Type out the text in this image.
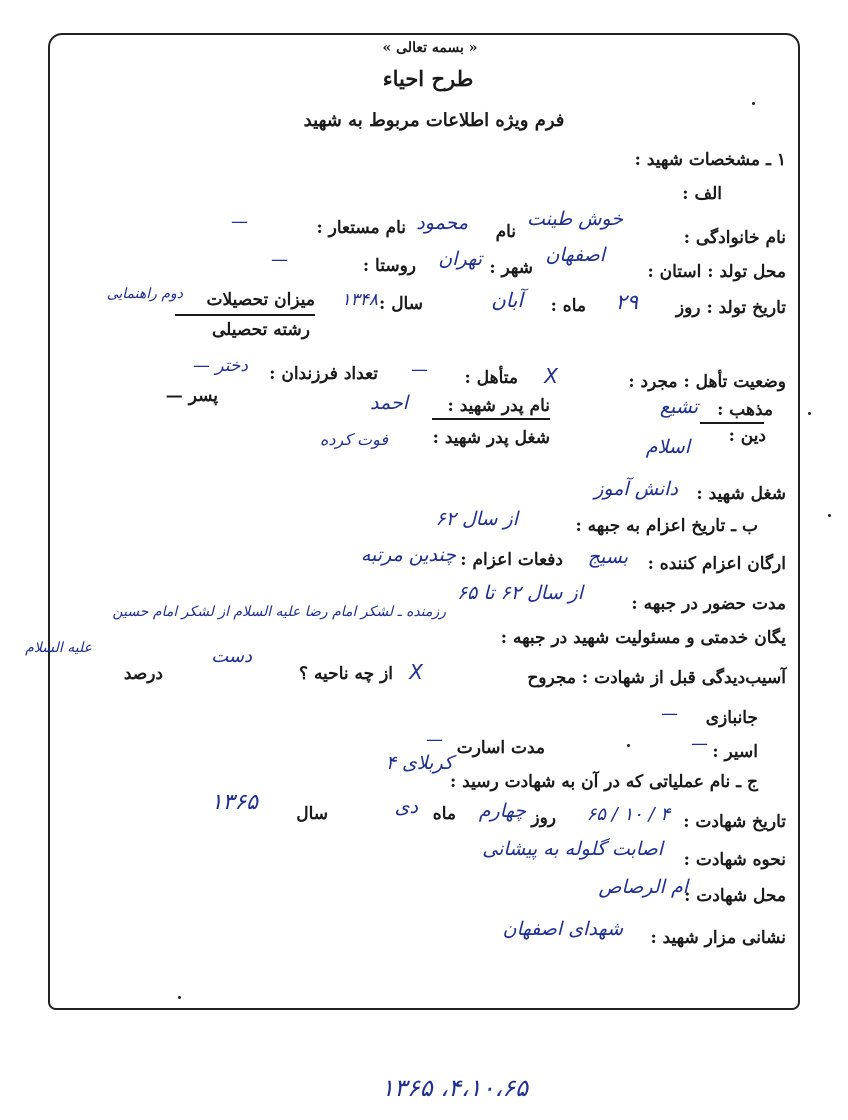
« بسمه تعالی »
طرح احیاء
فرم ویژه اطلاعات مربوط به شهید
۱ ـ مشخصات شهید :
الف :
نام خانوادگی :
خوش طینت
نام
محمود
نام مستعار :
—
محل تولد : استان :
اصفهان
شهر :
تهران
روستا :
—
تاریخ تولد : روز
۲۹
ماه :
آبان
سال :
۱۳۴۸
میزان تحصیلات
دوم راهنمایی
رشته تحصیلی
وضعیت تأهل : مجرد :
X
متأهل :
—
تعداد فرزندان :
دختر —
پسر —
مذهب :
تشیع
نام پدر شهید :
احمد
دین :
اسلام
شغل پدر شهید :
فوت کرده
شغل شهید :
دانش آموز
ب ـ تاریخ اعزام به جبهه :
از سال ۶۲
ارگان اعزام کننده :
بسیج
دفعات اعزام :
چندین مرتبه
مدت حضور در جبهه :
از سال ۶۲ تا ۶۵
یگان خدمتی و مسئولیت شهید در جبهه :
رزمنده ـ لشکر امام رضا علیه السلام از لشکر امام حسین
علیه السلام
آسیب‌دیدگی قبل از شهادت : مجروح
X
از چه ناحیه ؟
دست
درصد
جانبازی
—
اسیر :
—
مدت اسارت
—
ج ـ نام عملیاتی که در آن به شهادت رسید :
کربلای ۴
تاریخ شهادت :
۴ / ۱۰ / ۶۵
روز
چهارم
ماه
دی
سال
۱۳۶۵
نحوه شهادت :
اصابت گلوله به پیشانی
محل شهادت :
ام الرصاص
نشانی مزار شهید :
شهدای اصفهان
۴،۱۰،۶۵، ۱۳۶۵
